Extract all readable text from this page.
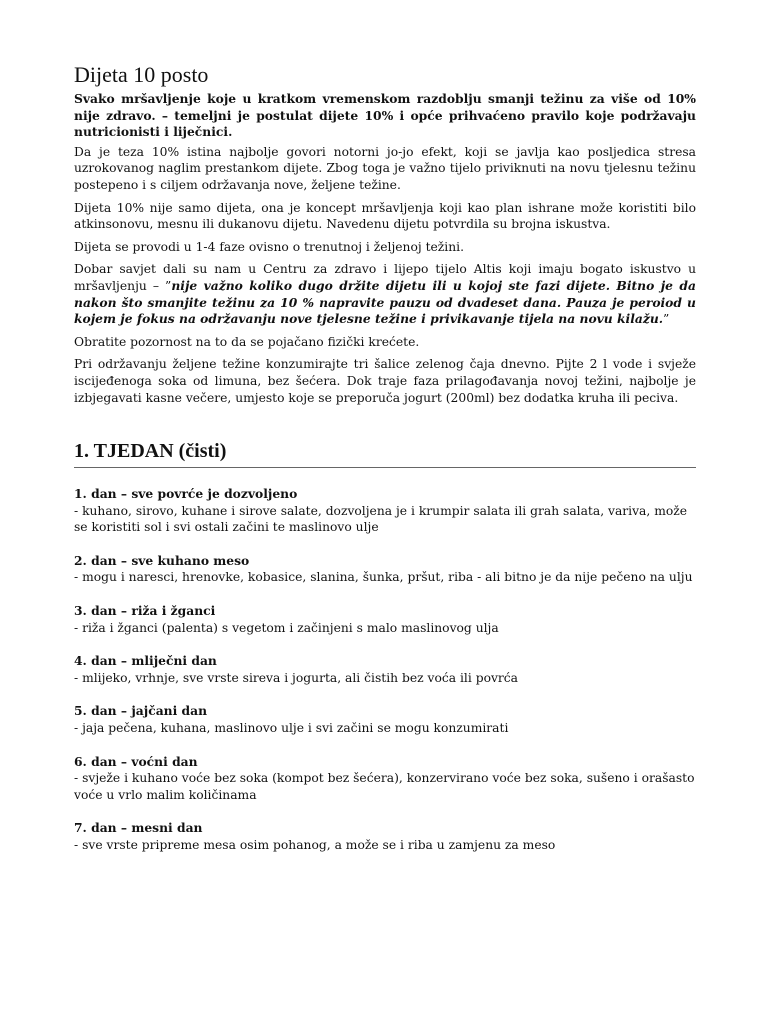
Dijeta 10 posto

Svako mršavljenje koje u kratkom vremenskom razdoblju smanji težinu za više od 10% nije zdravo. – temeljni je postulat dijete 10% i opće prihvaćeno pravilo koje podržavaju nutricionisti i liječnici.

Da je teza 10% istina najbolje govori notorni jo-jo efekt, koji se javlja kao posljedica stresa uzrokovanog naglim prestankom dijete. Zbog toga je važno tijelo priviknuti na novu tjelesnu težinu postepeno i s ciljem održavanja nove, željene težine.

Dijeta 10% nije samo dijeta, ona je koncept mršavljenja koji kao plan ishrane može koristiti bilo atkinsonovu, mesnu ili dukanovu dijetu. Navedenu dijetu potvrdila su brojna iskustva.

Dijeta se provodi u 1-4 faze ovisno o trenutnoj i željenoj težini.

Dobar savjet dali su nam u Centru za zdravo i lijepo tijelo Altis koji imaju bogato iskustvo u mršavljenju – ”nije važno koliko dugo držite dijetu ili u kojoj ste fazi dijete. Bitno je da nakon što smanjite težinu za 10 % napravite pauzu od dvadeset dana. Pauza je peroiod u kojem je fokus na održavanju nove tjelesne težine i privikavanje tijela na novu kilažu.”

Obratite pozornost na to da se pojačano fizički krećete.

Pri održavanju željene težine konzumirajte tri šalice zelenog čaja dnevno. Pijte 2 l vode i svježe iscijeđenoga soka od limuna, bez šećera. Dok traje faza prilagođavanja novoj težini, najbolje je izbjegavati kasne večere, umjesto koje se preporuča jogurt (200ml) bez dodatka kruha ili peciva.

1. TJEDAN (čisti)
1. dan – sve povrće je dozvoljeno
- kuhano, sirovo, kuhane i sirove salate, dozvoljena je i krumpir salata ili grah salata, variva, može se koristiti sol i svi ostali začini te maslinovo ulje
2. dan – sve kuhano meso
- mogu i naresci, hrenovke, kobasice, slanina, šunka, pršut, riba - ali bitno je da nije pečeno na ulju
3. dan – riža i žganci
- riža i žganci (palenta) s vegetom i začinjeni s malo maslinovog ulja
4. dan – mliječni dan
- mlijeko, vrhnje, sve vrste sireva i jogurta, ali čistih bez voća ili povrća
5. dan – jajčani dan
- jaja pečena, kuhana, maslinovo ulje i svi začini se mogu konzumirati
6. dan – voćni dan
- svježe i kuhano voće bez soka (kompot bez šećera), konzervirano voće bez soka, sušeno i orašasto voće u vrlo malim količinama
7. dan – mesni dan
- sve vrste pripreme mesa osim pohanog, a može se i riba u zamjenu za meso
